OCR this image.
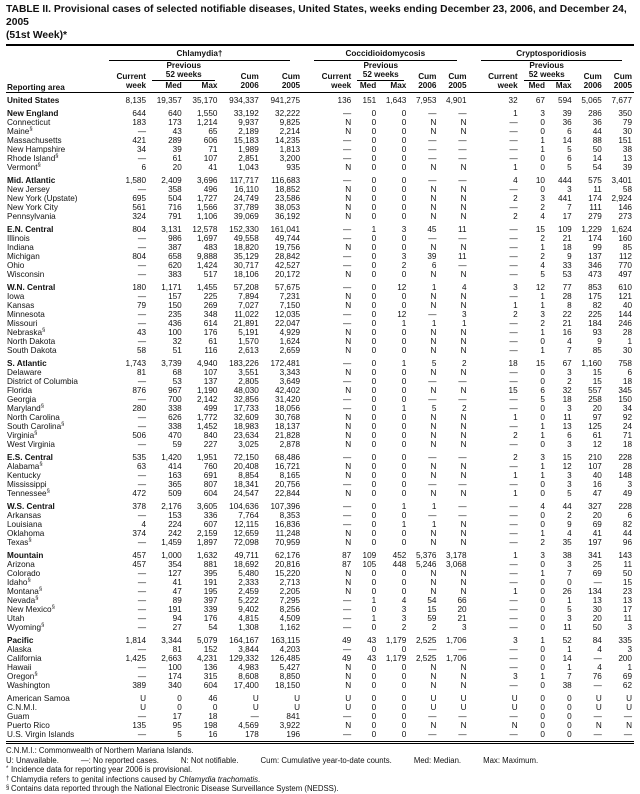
TABLE II. Provisional cases of selected notifiable diseases, United States, weeks ending December 23, 2006, and December 24, 2005
(51st Week)*
Reporting area	Chlamydia†					Coccidioidomycosis					Cryptosporidiosis				

		Previous					Previous					Previous			
	Current	52 weeks		Cum	Cum	Current	52 weeks		Cum	Cum	Current	52 weeks		Cum	Cum
	week	Med	Max	2006	2005	week	Med	Max	2006	2005	week	Med	Max	2006	2005
United States	8,135	19,357	35,170	934,337	941,275	136	151	1,643	7,953	4,901	32	67	594	5,065	7,677
New England	644	640	1,550	33,192	32,222	—	0	0	—	—	1	3	39	286	350
Connecticut	183	173	1,214	9,937	9,825	N	0	0	N	N	—	0	36	36	79
Maine§	—	43	65	2,189	2,214	N	0	0	N	N	—	0	6	44	30
Massachusetts	421	289	606	15,183	14,235	—	0	0	—	—	—	1	14	88	151
New Hampshire	34	39	71	1,989	1,813	—	0	0	—	—	—	1	5	50	38
Rhode Island§	—	61	107	2,851	3,200	—	0	0	—	—	—	0	6	14	13
Vermont§	6	20	41	1,043	935	N	0	0	N	N	1	0	5	54	39
Mid. Atlantic	1,580	2,409	3,696	117,717	116,683	—	0	0	—	—	4	10	444	575	3,401
New Jersey	—	358	496	16,110	18,852	N	0	0	N	N	—	0	3	11	58
New York (Upstate)	695	504	1,727	24,749	23,586	N	0	0	N	N	2	3	441	174	2,924
New York City	561	716	1,566	37,789	38,053	N	0	0	N	N	—	2	7	111	146
Pennsylvania	324	791	1,106	39,069	36,192	N	0	0	N	N	2	4	17	279	273
E.N. Central	804	3,131	12,578	152,330	161,041	—	1	3	45	11	—	15	109	1,229	1,624
Illinois	—	986	1,697	49,558	49,744	—	0	0	—	—	—	2	21	174	160
Indiana	—	387	483	18,820	19,756	N	0	0	N	N	—	1	18	99	85
Michigan	804	658	9,888	35,129	28,842	—	0	3	39	11	—	2	9	137	112
Ohio	—	620	1,424	30,717	42,527	—	0	2	6	—	—	4	33	346	770
Wisconsin	—	383	517	18,106	20,172	N	0	0	N	N	—	5	53	473	497
W.N. Central	180	1,171	1,455	57,208	57,675	—	0	12	1	4	3	12	77	853	610
Iowa	—	157	225	7,894	7,231	N	0	0	N	N	—	1	28	175	121
Kansas	79	150	269	7,027	7,150	N	0	0	N	N	1	1	8	82	40
Minnesota	—	235	348	11,022	12,035	—	0	12	—	3	2	3	22	225	144
Missouri	—	436	614	21,891	22,047	—	0	1	1	1	—	2	21	184	246
Nebraska§	43	100	176	5,191	4,929	N	0	0	N	N	—	1	16	93	28
North Dakota	—	32	61	1,570	1,624	N	0	0	N	N	—	0	4	9	1
South Dakota	58	51	116	2,613	2,659	N	0	0	N	N	—	1	7	85	30
S. Atlantic	1,743	3,739	4,940	183,226	172,481	—	0	1	5	2	18	15	67	1,160	758
Delaware	81	68	107	3,551	3,343	N	0	0	N	N	—	0	3	15	6
District of Columbia	—	53	137	2,805	3,649	—	0	0	—	—	—	0	2	15	18
Florida	876	967	1,190	48,030	42,402	N	0	0	N	N	15	6	32	557	345
Georgia	—	700	2,142	32,856	31,420	—	0	0	—	—	—	5	18	258	150
Maryland§	280	338	499	17,733	18,056	—	0	1	5	2	—	0	3	20	34
North Carolina	—	626	1,772	32,609	30,768	N	0	0	N	N	1	0	11	97	92
South Carolina§	—	338	1,452	18,983	18,137	N	0	0	N	N	—	1	13	125	24
Virginia§	506	470	840	23,634	21,828	N	0	0	N	N	2	1	6	61	71
West Virginia	—	59	227	3,025	2,878	N	0	0	N	N	—	0	3	12	18
E.S. Central	535	1,420	1,951	72,150	68,486	—	0	0	—	—	2	3	15	210	228
Alabama§	63	414	760	20,408	16,721	N	0	0	N	N	—	1	12	107	28
Kentucky	—	163	691	8,854	8,165	N	0	0	N	N	1	1	3	40	148
Mississippi	—	365	807	18,341	20,756	—	0	0	—	—	—	0	3	16	3
Tennessee§	472	509	604	24,547	22,844	N	0	0	N	N	1	0	5	47	49
W.S. Central	378	2,176	3,605	104,636	107,396	—	0	1	1	—	—	4	44	327	228
Arkansas	—	153	336	7,764	8,353	—	0	0	—	—	—	0	2	20	6
Louisiana	4	224	607	12,115	16,836	—	0	1	1	N	—	0	9	69	82
Oklahoma	374	242	2,159	12,659	11,248	N	0	0	N	N	—	1	4	41	44
Texas§	—	1,459	1,897	72,098	70,959	N	0	0	N	N	—	2	35	197	96
Mountain	457	1,000	1,632	49,711	62,176	87	109	452	5,376	3,178	1	3	38	341	143
Arizona	457	354	881	18,692	20,816	87	105	448	5,246	3,068	—	0	3	25	11
Colorado	—	127	395	5,480	15,220	N	0	0	N	N	—	1	7	69	50
Idaho§	—	41	191	2,333	2,713	N	0	0	N	N	—	0	0	—	15
Montana§	—	47	195	2,459	2,205	N	0	0	N	N	1	0	26	134	23
Nevada§	—	89	397	5,222	7,295	—	1	4	54	66	—	0	1	13	13
New Mexico§	—	191	339	9,402	8,256	—	0	3	15	20	—	0	5	30	17
Utah	—	94	176	4,815	4,509	—	1	3	59	21	—	0	3	20	11
Wyoming§	—	27	54	1,308	1,162	—	0	2	2	3	—	0	11	50	3
Pacific	1,814	3,344	5,079	164,167	163,115	49	43	1,179	2,525	1,706	3	1	52	84	335
Alaska	—	81	152	3,844	4,203	—	0	0	—	—	—	0	1	4	3
California	1,425	2,663	4,231	129,332	126,485	49	43	1,179	2,525	1,706	—	0	14	—	200
Hawaii	—	100	136	4,983	5,427	N	0	0	N	N	—	0	1	4	1
Oregon§	—	174	315	8,608	8,850	N	0	0	N	N	3	1	7	76	69
Washington	389	340	604	17,400	18,150	N	0	0	N	N	—	0	38	—	62
American Samoa	U	0	46	U	U	U	0	0	U	U	U	0	0	U	U
C.N.M.I.	U	0	0	U	U	U	0	0	U	U	U	0	0	U	U
Guam	—	17	18	—	841	—	0	0	—	—	—	0	0	—	—
Puerto Rico	135	95	198	4,569	3,922	N	0	0	N	N	N	0	0	N	N
U.S. Virgin Islands	—	5	16	178	196	—	0	0	—	—	—	0	0	—	—
C.N.M.I.: Commonwealth of Northern Mariana Islands.
U: Unavailable.	—: No reported cases.	N: Not notifiable.	Cum: Cumulative year-to-date counts.	Med: Median.	Max: Maximum.
* Incidence data for reporting year 2006 is provisional.
† Chlamydia refers to genital infections caused by Chlamydia trachomatis.
§ Contains data reported through the National Electronic Disease Surveillance System (NEDSS).
